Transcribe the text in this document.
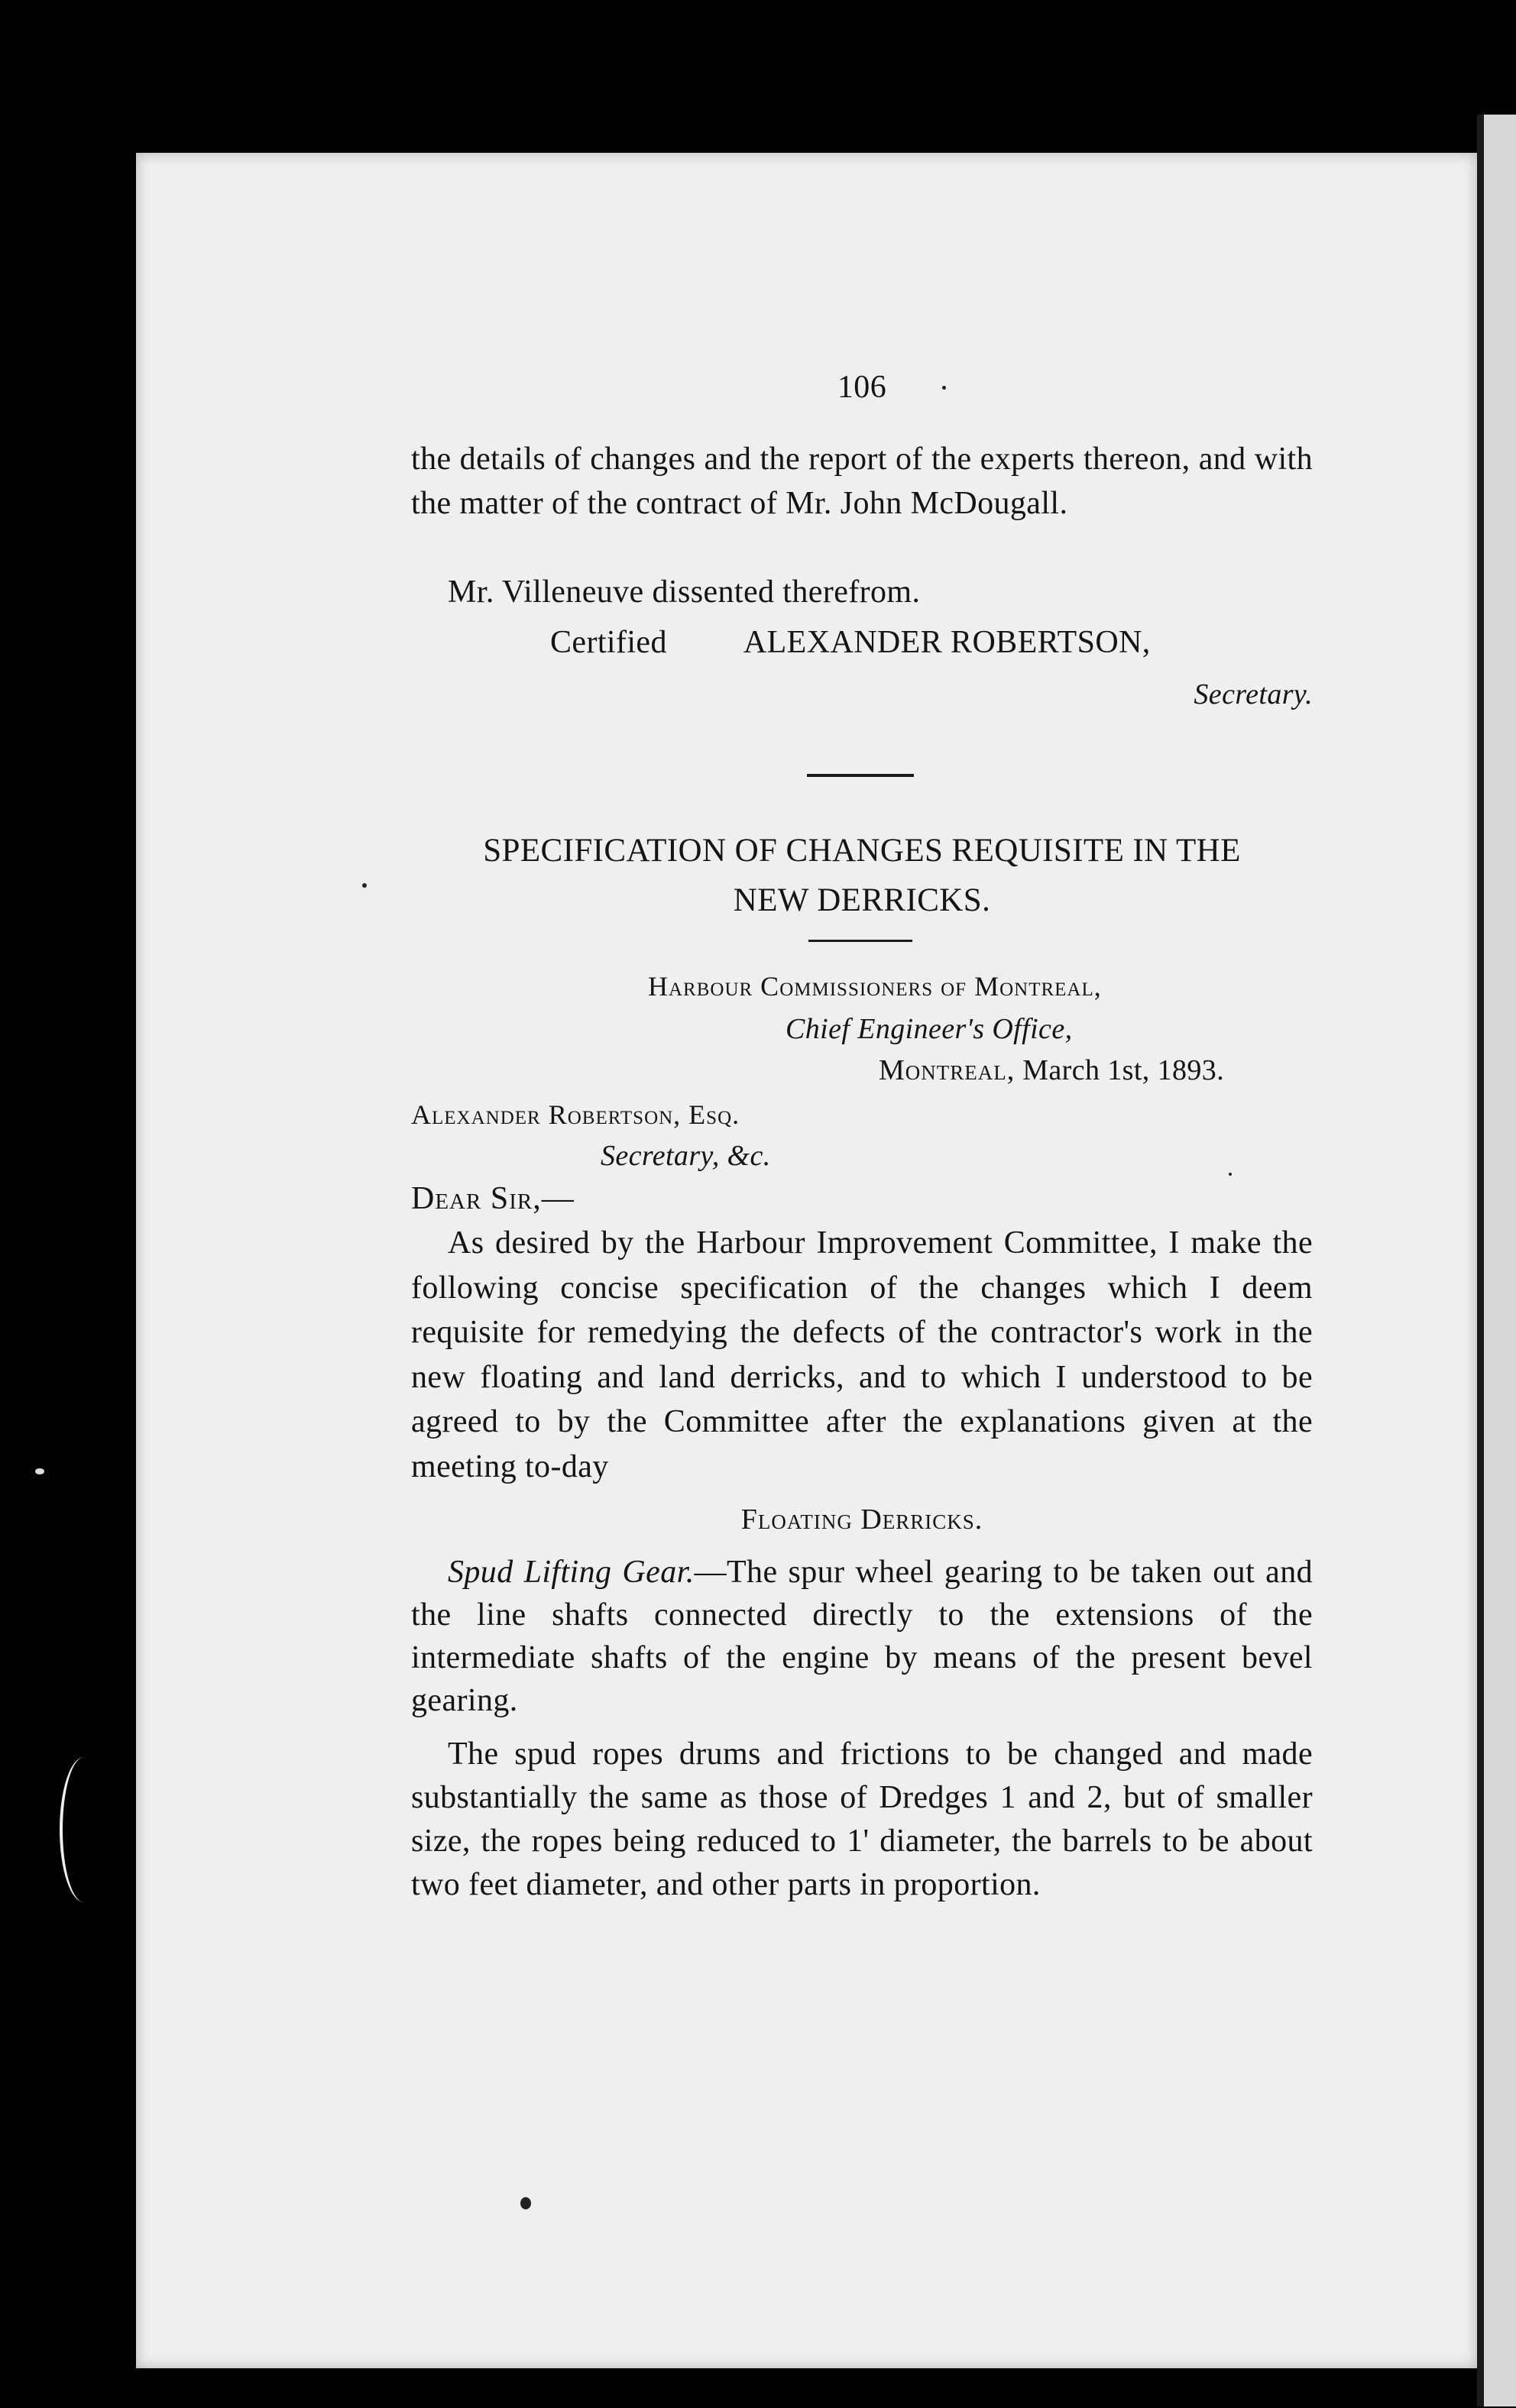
106
the details of changes and the report of the experts thereon, and with the matter of the contract of Mr. John McDougall.
Mr. Villeneuve dissented therefrom.
Certified ALEXANDER ROBERTSON,
Secretary.
SPECIFICATION OF CHANGES REQUISITE IN THE
NEW DERRICKS.
Harbour Commissioners of Montreal,
Chief Engineer's Office,
Montreal, March 1st, 1893.
Alexander Robertson, Esq.
Secretary, &c.
Dear Sir,—
As desired by the Harbour Improvement Committee, I make the following concise specification of the changes which I deem requisite for remedying the defects of the contractor's work in the new floating and land derricks, and to which I understood to be agreed to by the Committee after the explanations given at the meeting to-day
Floating Derricks.
Spud Lifting Gear.—The spur wheel gearing to be taken out and the line shafts connected directly to the extensions of the intermediate shafts of the engine by means of the present bevel gearing.
The spud ropes drums and frictions to be changed and made substantially the same as those of Dredges 1 and 2, but of smaller size, the ropes being reduced to 1' diameter, the barrels to be about two feet diameter, and other parts in proportion.
